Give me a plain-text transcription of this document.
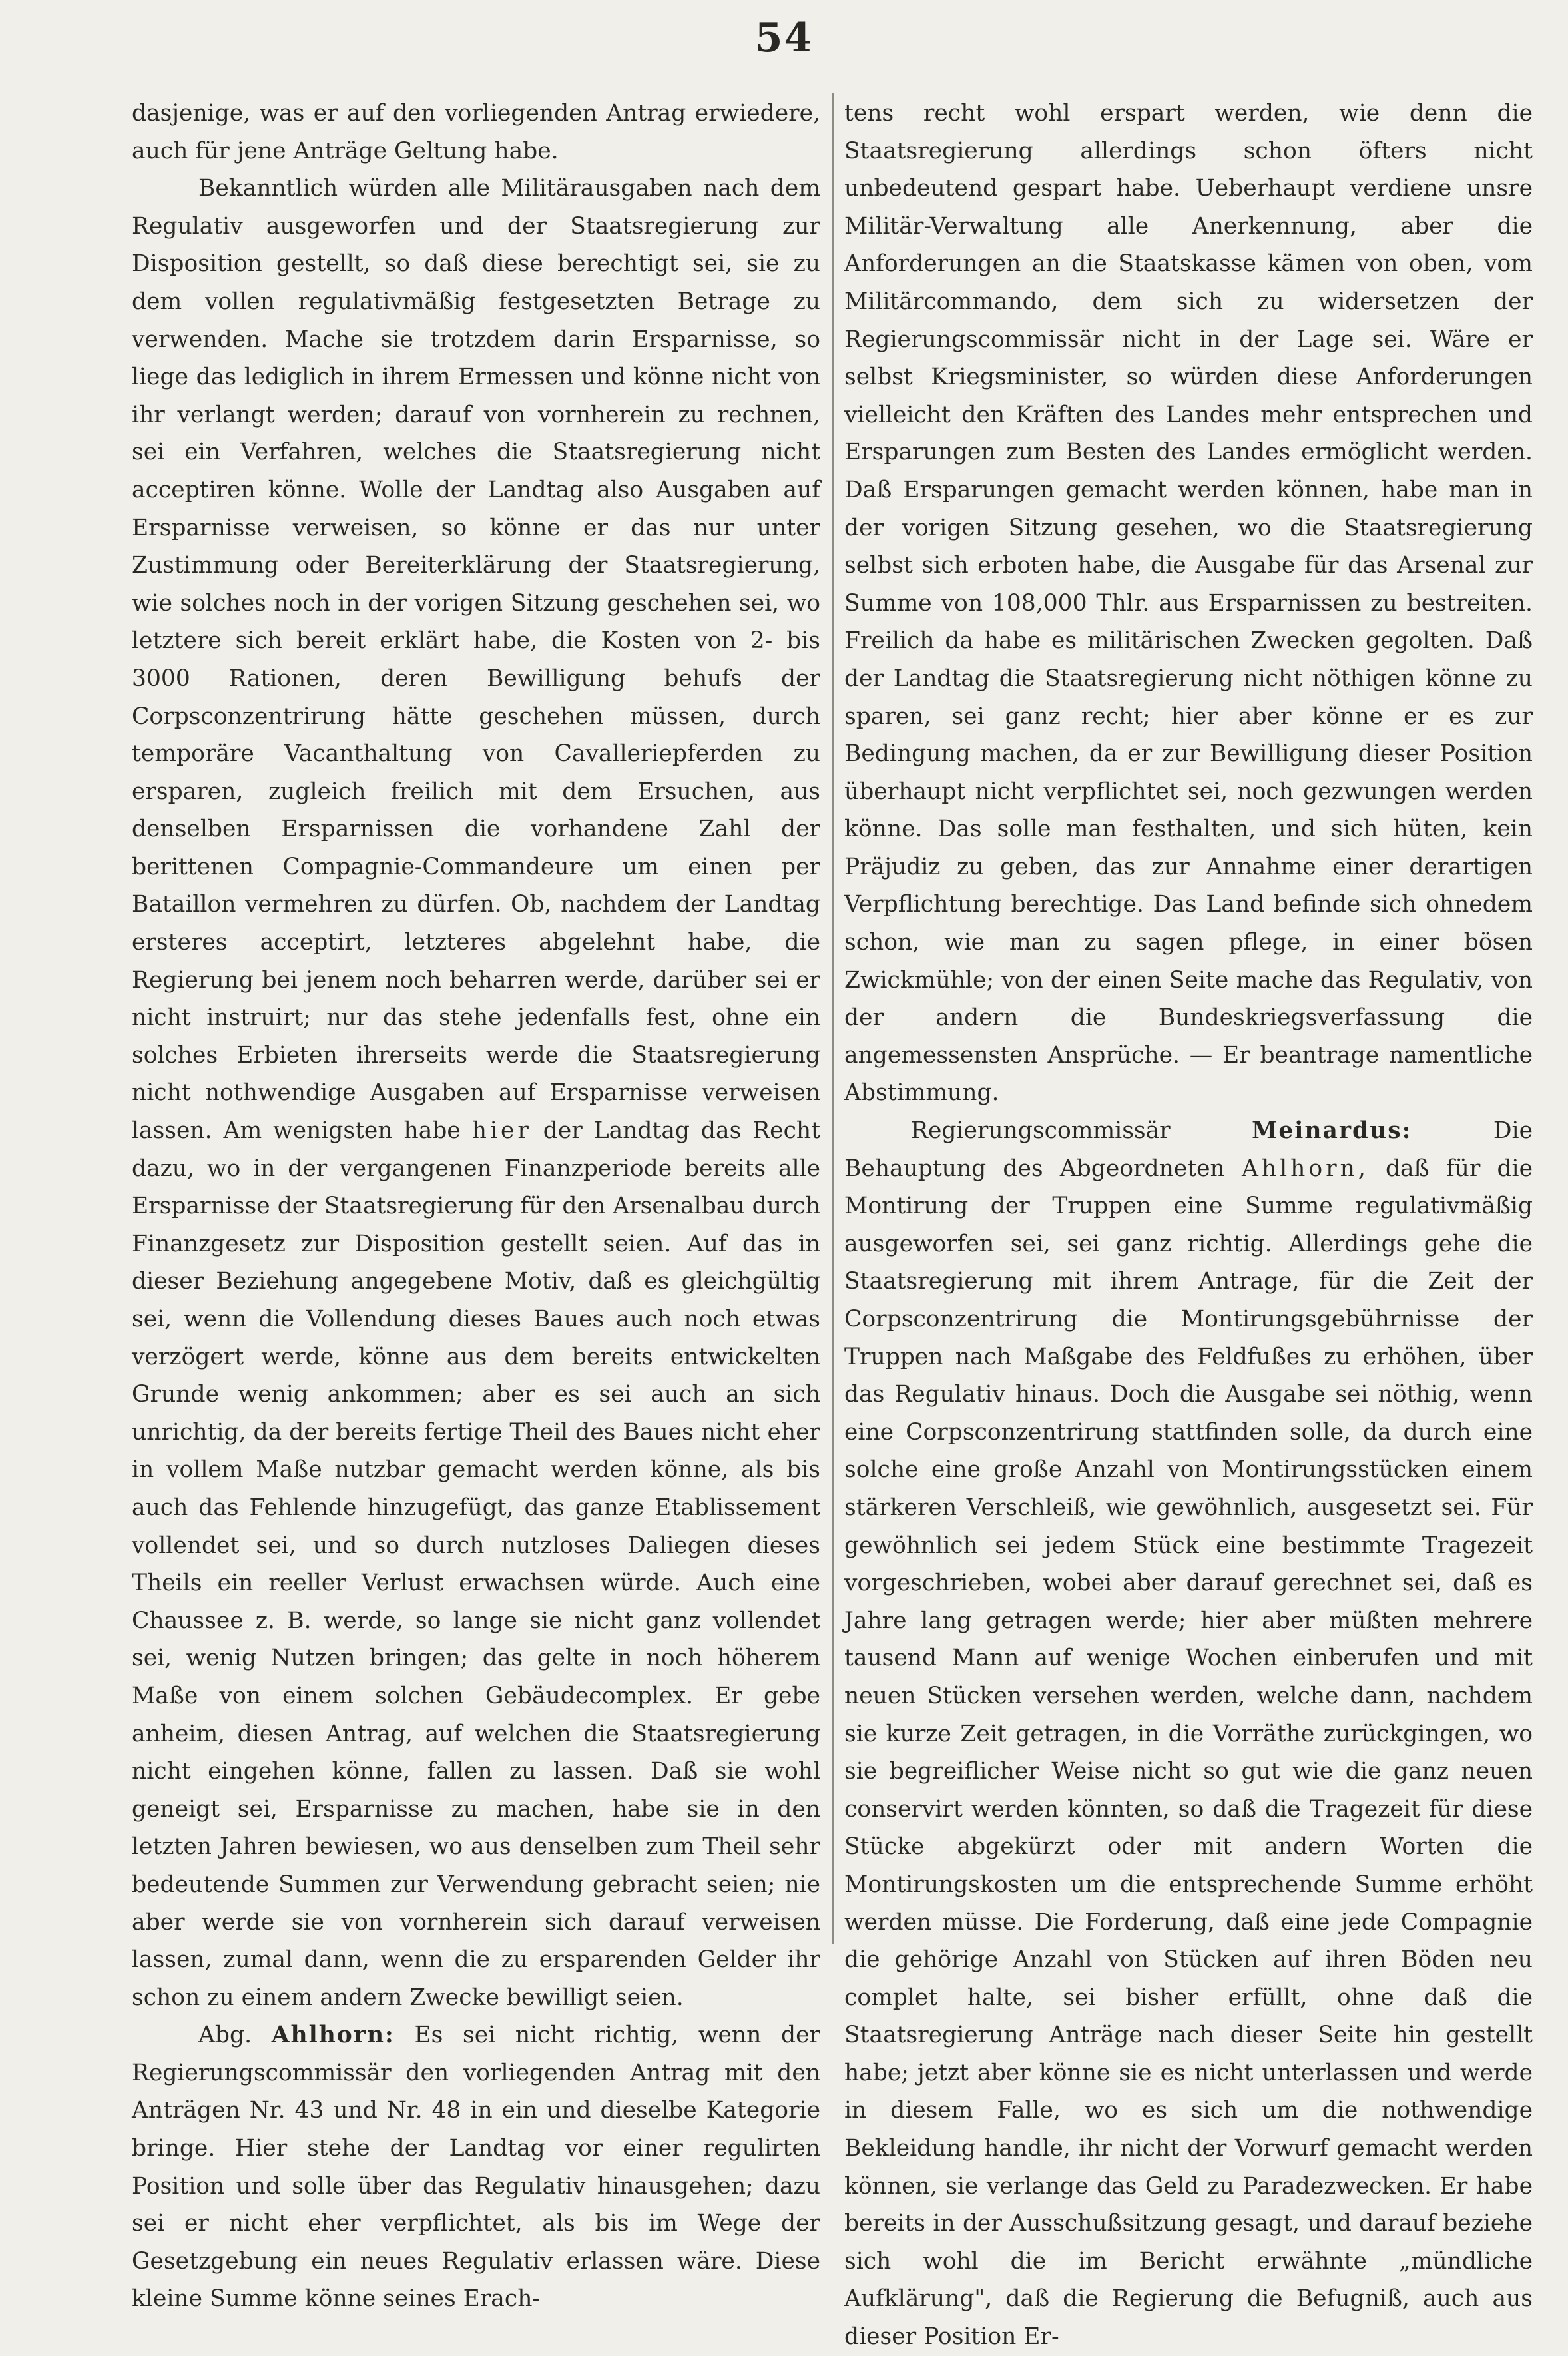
54

dasjenige, was er auf den vorliegenden Antrag erwiedere, auch für jene Anträge Geltung habe.

Bekanntlich würden alle Militärausgaben nach dem Regulativ ausgeworfen und der Staatsregierung zur Disposition gestellt, so daß diese berechtigt sei, sie zu dem vollen regulativmäßig festgesetzten Betrage zu verwenden. Mache sie trotzdem darin Ersparnisse, so liege das lediglich in ihrem Ermessen und könne nicht von ihr verlangt werden; darauf von vornherein zu rechnen, sei ein Verfahren, welches die Staatsregierung nicht acceptiren könne. Wolle der Landtag also Ausgaben auf Ersparnisse verweisen, so könne er das nur unter Zustimmung oder Bereiterklärung der Staatsregierung, wie solches noch in der vorigen Sitzung geschehen sei, wo letztere sich bereit erklärt habe, die Kosten von 2- bis 3000 Rationen, deren Bewilligung behufs der Corpsconzentrirung hätte geschehen müssen, durch temporäre Vacanthaltung von Cavalleriepferden zu ersparen, zugleich freilich mit dem Ersuchen, aus denselben Ersparnissen die vorhandene Zahl der berittenen Compagnie-Commandeure um einen per Bataillon vermehren zu dürfen. Ob, nachdem der Landtag ersteres acceptirt, letzteres abgelehnt habe, die Regierung bei jenem noch beharren werde, darüber sei er nicht instruirt; nur das stehe jedenfalls fest, ohne ein solches Erbieten ihrerseits werde die Staatsregierung nicht nothwendige Ausgaben auf Ersparnisse verweisen lassen. Am wenigsten habe hier der Landtag das Recht dazu, wo in der vergangenen Finanzperiode bereits alle Ersparnisse der Staatsregierung für den Arsenalbau durch Finanzgesetz zur Disposition gestellt seien. Auf das in dieser Beziehung angegebene Motiv, daß es gleichgültig sei, wenn die Vollendung dieses Baues auch noch etwas verzögert werde, könne aus dem bereits entwickelten Grunde wenig ankommen; aber es sei auch an sich unrichtig, da der bereits fertige Theil des Baues nicht eher in vollem Maße nutzbar gemacht werden könne, als bis auch das Fehlende hinzugefügt, das ganze Etablissement vollendet sei, und so durch nutzloses Daliegen dieses Theils ein reeller Verlust erwachsen würde. Auch eine Chaussee z. B. werde, so lange sie nicht ganz vollendet sei, wenig Nutzen bringen; das gelte in noch höherem Maße von einem solchen Gebäudecomplex. Er gebe anheim, diesen Antrag, auf welchen die Staatsregierung nicht eingehen könne, fallen zu lassen. Daß sie wohl geneigt sei, Ersparnisse zu machen, habe sie in den letzten Jahren bewiesen, wo aus denselben zum Theil sehr bedeutende Summen zur Verwendung gebracht seien; nie aber werde sie von vornherein sich darauf verweisen lassen, zumal dann, wenn die zu ersparenden Gelder ihr schon zu einem andern Zwecke bewilligt seien.

Abg. Ahlhorn: Es sei nicht richtig, wenn der Regierungscommissär den vorliegenden Antrag mit den Anträgen Nr. 43 und Nr. 48 in ein und dieselbe Kategorie bringe. Hier stehe der Landtag vor einer regulirten Position und solle über das Regulativ hinausgehen; dazu sei er nicht eher verpflichtet, als bis im Wege der Gesetzgebung ein neues Regulativ erlassen wäre. Diese kleine Summe könne seines Erach-

tens recht wohl erspart werden, wie denn die Staatsregierung allerdings schon öfters nicht unbedeutend gespart habe. Ueberhaupt verdiene unsre Militär-Verwaltung alle Anerkennung, aber die Anforderungen an die Staatskasse kämen von oben, vom Militärcommando, dem sich zu widersetzen der Regierungscommissär nicht in der Lage sei. Wäre er selbst Kriegsminister, so würden diese Anforderungen vielleicht den Kräften des Landes mehr entsprechen und Ersparungen zum Besten des Landes ermöglicht werden. Daß Ersparungen gemacht werden können, habe man in der vorigen Sitzung gesehen, wo die Staatsregierung selbst sich erboten habe, die Ausgabe für das Arsenal zur Summe von 108,000 Thlr. aus Ersparnissen zu bestreiten. Freilich da habe es militärischen Zwecken gegolten. Daß der Landtag die Staatsregierung nicht nöthigen könne zu sparen, sei ganz recht; hier aber könne er es zur Bedingung machen, da er zur Bewilligung dieser Position überhaupt nicht verpflichtet sei, noch gezwungen werden könne. Das solle man festhalten, und sich hüten, kein Präjudiz zu geben, das zur Annahme einer derartigen Verpflichtung berechtige. Das Land befinde sich ohnedem schon, wie man zu sagen pflege, in einer bösen Zwickmühle; von der einen Seite mache das Regulativ, von der andern die Bundeskriegsverfassung die angemessensten Ansprüche. — Er beantrage namentliche Abstimmung.

Regierungscommissär	Meinardus:	Die Behauptung des Abgeordneten Ahlhorn, daß für die Montirung der Truppen eine Summe regulativmäßig ausgeworfen sei, sei ganz richtig. Allerdings gehe die Staatsregierung mit ihrem Antrage, für die Zeit der Corpsconzentrirung die Montirungsgebührnisse der Truppen nach Maßgabe des Feldfußes zu erhöhen, über das Regulativ hinaus. Doch die Ausgabe sei nöthig, wenn eine Corpsconzentrirung stattfinden solle, da durch eine solche eine große Anzahl von Montirungsstücken einem stärkeren Verschleiß, wie gewöhnlich, ausgesetzt sei. Für gewöhnlich sei jedem Stück eine bestimmte Tragezeit vorgeschrieben, wobei aber darauf gerechnet sei, daß es Jahre lang getragen werde; hier aber müßten mehrere tausend Mann auf wenige Wochen einberufen und mit neuen Stücken versehen werden, welche dann, nachdem sie kurze Zeit getragen, in die Vorräthe zurückgingen, wo sie begreiflicher Weise nicht so gut wie die ganz neuen conservirt werden könnten, so daß die Tragezeit für diese Stücke abgekürzt oder mit andern Worten die Montirungskosten um die entsprechende Summe erhöht werden müsse. Die Forderung, daß eine jede Compagnie die gehörige Anzahl von Stücken auf ihren Böden neu complet halte, sei bisher erfüllt, ohne daß die Staatsregierung Anträge nach dieser Seite hin gestellt habe; jetzt aber könne sie es nicht unterlassen und werde in diesem Falle, wo es sich um die nothwendige Bekleidung handle, ihr nicht der Vorwurf gemacht werden können, sie verlange das Geld zu Paradezwecken. Er habe bereits in der Ausschußsitzung gesagt, und darauf beziehe sich wohl die im Bericht erwähnte „mündliche Aufklärung", daß die Regierung die Befugniß, auch aus dieser Position Er-
